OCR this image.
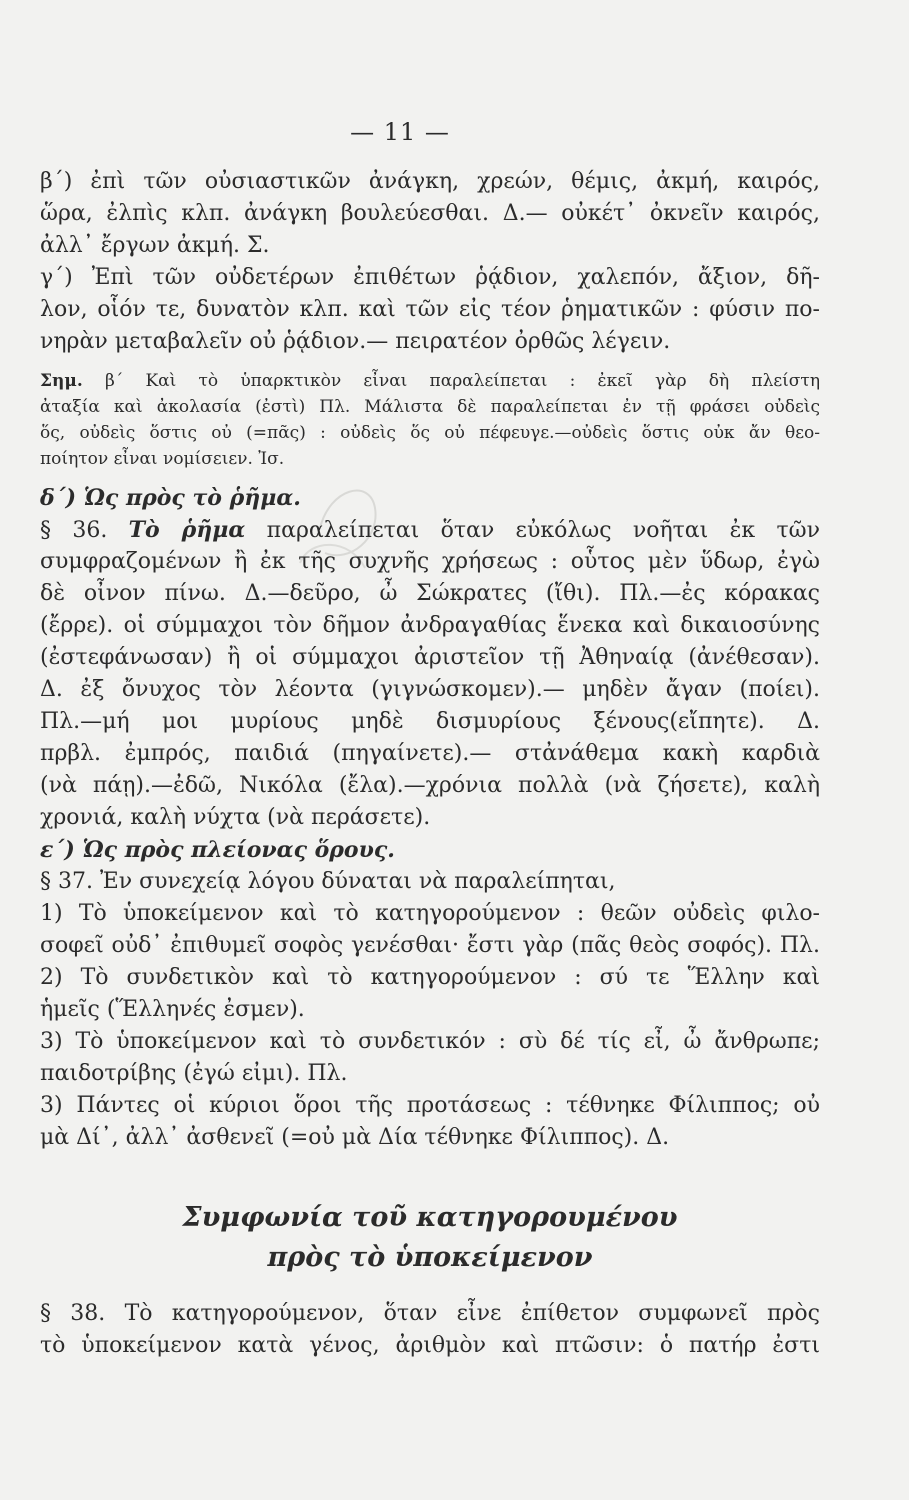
— 11 —
β΄) ἐπὶ τῶν οὐσιαστικῶν ἀνάγκη, χρεών, θέμις, ἀκμή, καιρός,
ὥρα, ἐλπὶς κλπ. ἀνάγκη βουλεύεσθαι. Δ.— οὐκέτ᾽ ὀκνεῖν καιρός,
ἀλλ᾽ ἔργων ἀκμή. Σ.
γ΄) Ἐπὶ τῶν οὐδετέρων ἐπιθέτων ῥᾴδιον, χαλεπόν, ἄξιον, δῆ-
λον, οἷόν τε, δυνατὸν κλπ. καὶ τῶν εἰς τέον ῥηματικῶν : φύσιν πο-
νηρὰν μεταβαλεῖν οὐ ῥᾴδιον.— πειρατέον ὀρθῶς λέγειν.
Σημ. β΄ Καὶ τὸ ὑπαρκτικὸν εἶναι παραλείπεται : ἐκεῖ γὰρ δὴ πλείστη
ἀταξία καὶ ἀκολασία (ἐστὶ) Πλ. Μάλιστα δὲ παραλείπεται ἐν τῇ φράσει οὐδεὶς
ὅς, οὐδεὶς ὅστις οὐ (=πᾶς) : οὐδεὶς ὅς οὐ πέφευγε.—οὐδεὶς ὅστις οὐκ ἄν θεο-
ποίητον εἶναι νομίσειεν. Ἰσ.
δ΄) Ὡς πρὸς τὸ ῥῆμα.
§ 36. Τὸ ῥῆμα παραλείπεται ὅταν εὐκόλως νοῆται ἐκ τῶν
συμφραζομένων ἢ ἐκ τῆς συχνῆς χρήσεως : οὗτος μὲν ὕδωρ, ἐγὼ
δὲ οἶνον πίνω. Δ.—δεῦρο, ὦ Σώκρατες (ἴθι). Πλ.—ἐς κόρακας
(ἔρρε). οἱ σύμμαχοι τὸν δῆμον ἀνδραγαθίας ἕνεκα καὶ δικαιοσύνης
(ἐστεφάνωσαν) ἢ οἱ σύμμαχοι ἀριστεῖον τῇ Ἀθηναίᾳ (ἀνέθεσαν).
Δ. ἐξ ὄνυχος τὸν λέοντα (γιγνώσκομεν).— μηδὲν ἄγαν (ποίει).
Πλ.—μή μοι μυρίους μηδὲ δισμυρίους ξένους(εἴπητε). Δ.
πρβλ. ἐμπρός, παιδιά (πηγαίνετε).— στἀνάθεμα κακὴ καρδιὰ
(νὰ πάῃ).—ἐδῶ, Νικόλα (ἔλα).—χρόνια πολλὰ (νὰ ζήσετε), καλὴ
χρονιά, καλὴ νύχτα (νὰ περάσετε).
ε΄) Ὡς πρὸς πλείονας ὅρους.
§ 37. Ἐν συνεχείᾳ λόγου δύναται νὰ παραλείπηται,
1) Τὸ ὑποκείμενον καὶ τὸ κατηγορούμενον : θεῶν οὐδεὶς φιλο-
σοφεῖ οὐδ᾽ ἐπιθυμεῖ σοφὸς γενέσθαι· ἔστι γὰρ (πᾶς θεὸς σοφός). Πλ.
2) Τὸ συνδετικὸν καὶ τὸ κατηγορούμενον : σύ τε Ἕλλην καὶ
ἡμεῖς (Ἕλληνές ἐσμεν).
3) Τὸ ὑποκείμενον καὶ τὸ συνδετικόν : σὺ δέ τίς εἶ, ὦ ἄνθρωπε;
παιδοτρίβης (ἐγώ εἰμι). Πλ.
3) Πάντες οἱ κύριοι ὅροι τῆς προτάσεως : τέθνηκε Φίλιππος; οὐ
μὰ Δί᾽, ἀλλ᾽ ἀσθενεῖ (=οὐ μὰ Δία τέθνηκε Φίλιππος). Δ.
Συμφωνία τοῦ κατηγορουμένου
πρὸς τὸ ὑποκείμενον
§ 38. Τὸ κατηγορούμενον, ὅταν εἶνε ἐπίθετον συμφωνεῖ πρὸς
τὸ ὑποκείμενον κατὰ γένος, ἀριθμὸν καὶ πτῶσιν: ὁ πατήρ ἐστι
